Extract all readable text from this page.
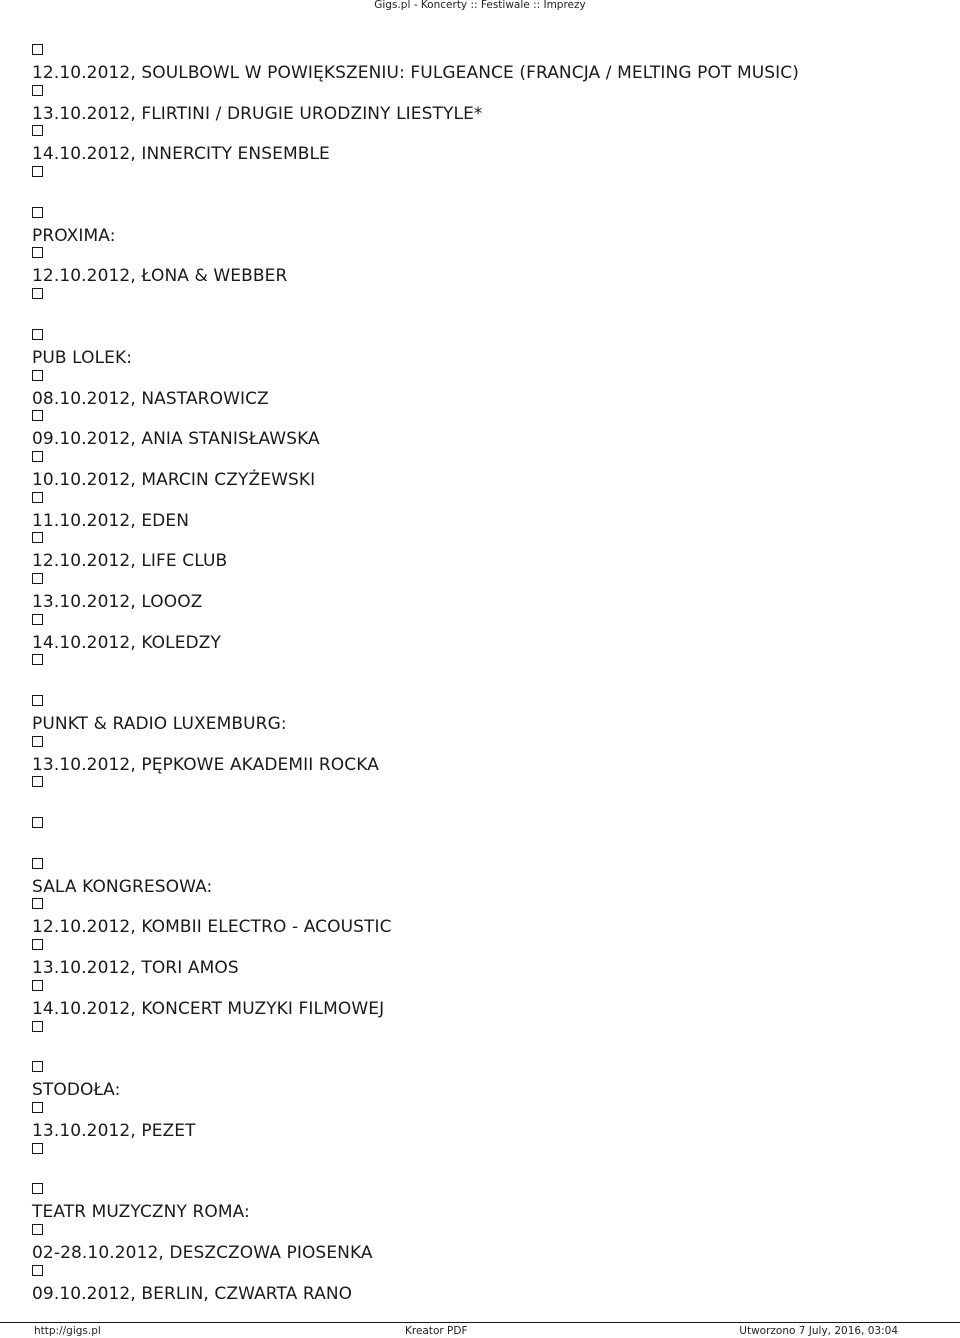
Gigs.pl - Koncerty :: Festiwale :: Imprezy
12.10.2012, SOULBOWL W POWIĘKSZENIU: FULGEANCE (FRANCJA / MELTING POT MUSIC)
13.10.2012, FLIRTINI / DRUGIE URODZINY LIESTYLE*
14.10.2012, INNERCITY ENSEMBLE
PROXIMA:
12.10.2012, ŁONA & WEBBER
PUB LOLEK:
08.10.2012, NASTAROWICZ
09.10.2012, ANIA STANISŁAWSKA
10.10.2012, MARCIN CZYŻEWSKI
11.10.2012, EDEN
12.10.2012, LIFE CLUB
13.10.2012, LOOOZ
14.10.2012, KOLEDZY
PUNKT & RADIO LUXEMBURG:
13.10.2012, PĘPKOWE AKADEMII ROCKA
SALA KONGRESOWA:
12.10.2012, KOMBII ELECTRO - ACOUSTIC
13.10.2012, TORI AMOS
14.10.2012, KONCERT MUZYKI FILMOWEJ
STODOŁA:
13.10.2012, PEZET
TEATR MUZYCZNY ROMA:
02-28.10.2012, DESZCZOWA PIOSENKA
09.10.2012, BERLIN, CZWARTA RANO
http://gigs.pl	Kreator PDF	Utworzono 7 July, 2016, 03:04
